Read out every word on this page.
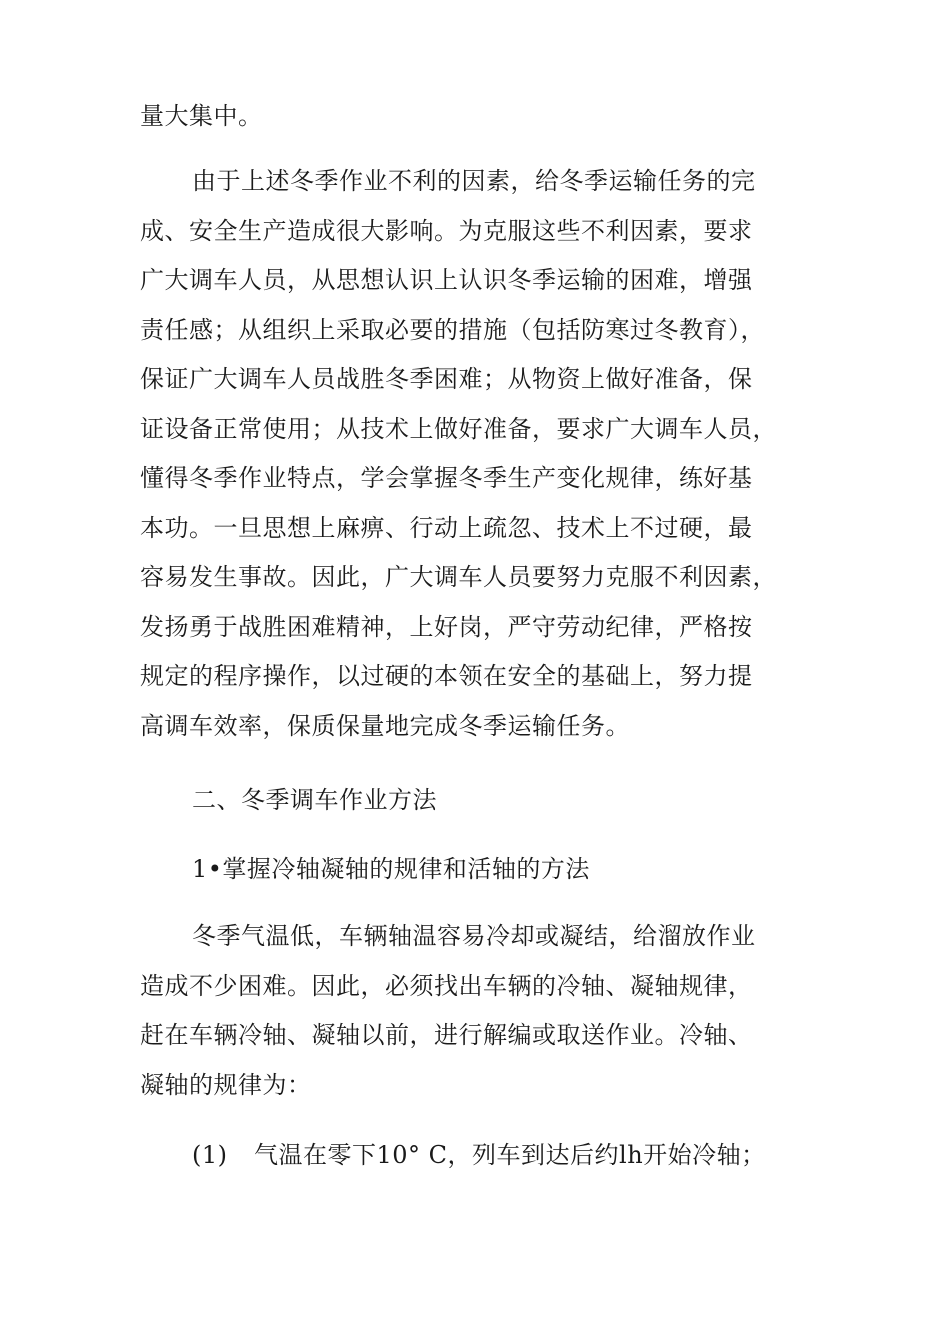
量大集中。
由于上述冬季作业不利的因素，给冬季运输任务的完
成、安全生产造成很大影响。为克服这些不利因素，要求
广大调车人员，从思想认识上认识冬季运输的困难，增强
责任感；从组织上采取必要的措施（包括防寒过冬教育），
保证广大调车人员战胜冬季困难；从物资上做好准备，保
证设备正常使用；从技术上做好准备，要求广大调车人员，
懂得冬季作业特点，学会掌握冬季生产变化规律，练好基
本功。一旦思想上麻痹、行动上疏忽、技术上不过硬，最
容易发生事故。因此，广大调车人员要努力克服不利因素，
发扬勇于战胜困难精神，上好岗，严守劳动纪律，严格按
规定的程序操作，以过硬的本领在安全的基础上，努力提
高调车效率，保质保量地完成冬季运输任务。
二、冬季调车作业方法
1•掌握冷轴凝轴的规律和活轴的方法
冬季气温低，车辆轴温容易冷却或凝结，给溜放作业
造成不少困难。因此，必须找出车辆的冷轴、凝轴规律，
赶在车辆冷轴、凝轴以前，进行解编或取送作业。冷轴、
凝轴的规律为：
(1) 气温在零下10° C，列车到达后约lh开始冷轴；
